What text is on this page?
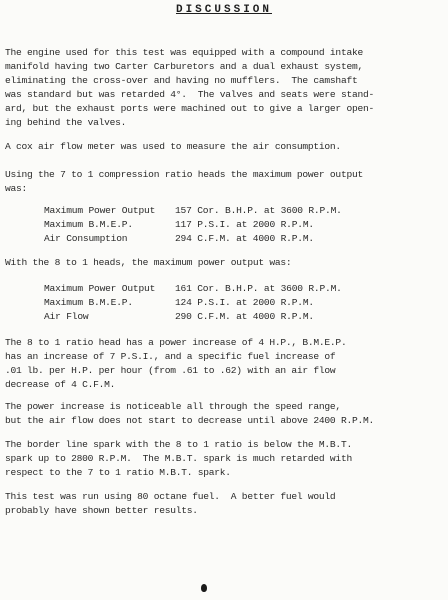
DISCUSSION

The engine used for this test was equipped with a compound intake
manifold having two Carter Carburetors and a dual exhaust system,
eliminating the cross-over and having no mufflers.  The camshaft
was standard but was retarded 4°.  The valves and seats were stand-
ard, but the exhaust ports were machined out to give a larger open-
ing behind the valves.

A cox air flow meter was used to measure the air consumption.

Using the 7 to 1 compression ratio heads the maximum power output
was:

Maximum Power Output 157 Cor. B.H.P. at 3600 R.P.M.
Maximum B.M.E.P.	117 P.S.I. at 2000 R.P.M.
Air Consumption	294 C.F.M. at 4000 R.P.M.

With the 8 to 1 heads, the maximum power output was:

Maximum Power Output 161 Cor. B.H.P. at 3600 R.P.M.
Maximum B.M.E.P.	124 P.S.I. at 2000 R.P.M.
Air Flow	290 C.F.M. at 4000 R.P.M.

The 8 to 1 ratio head has a power increase of 4 H.P., B.M.E.P.
has an increase of 7 P.S.I., and a specific fuel increase of
.01 lb. per H.P. per hour (from .61 to .62) with an air flow
decrease of 4 C.F.M.

The power increase is noticeable all through the speed range,
but the air flow does not start to decrease until above 2400 R.P.M.

The border line spark with the 8 to 1 ratio is below the M.B.T.
spark up to 2800 R.P.M.  The M.B.T. spark is much retarded with
respect to the 7 to 1 ratio M.B.T. spark.

This test was run using 80 octane fuel.  A better fuel would
probably have shown better results.
